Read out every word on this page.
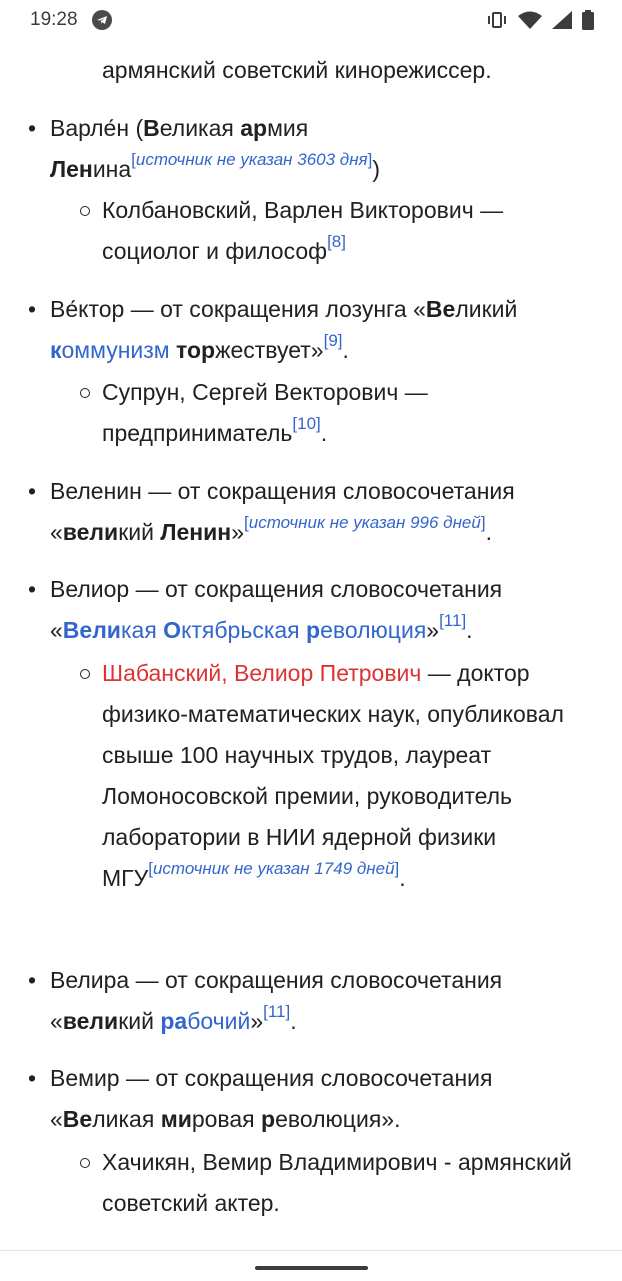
19:28
армянский советский кинорежиссер.
• Варле́н (Великая армия
Ленина[источник не указан 3603 дня])
Колбановский, Варлен Викторович — социолог и философ[8]
• Ве́ктор — от сокращения лозунга «Великий
коммунизм торжествует»[9].
Супрун, Сергей Векторович — предприниматель[10].
• Веленин — от сокращения словосочетания
«великий Ленин»[источник не указан 996 дней].
• Велиор — от сокращения словосочетания
«Великая Октябрьская революция»[11].
Шабанский, Велиор Петрович — доктор физико-математических наук, опубликовал свыше 100 научных трудов, лауреат Ломоносовской премии, руководитель лаборатории в НИИ ядерной физики МГУ[источник не указан 1749 дней].
• Велира — от сокращения словосочетания
«великий рабочий»[11].
• Вемир — от сокращения словосочетания
«Великая мировая революция».
Хачикян, Вемир Владимирович - армянский советский актер.
